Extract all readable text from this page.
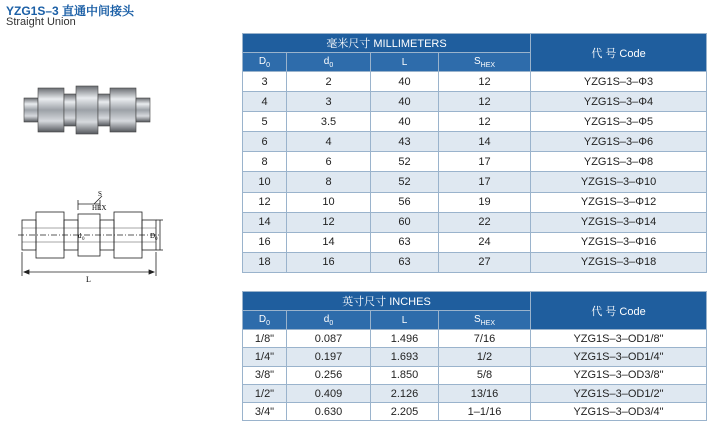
YZG1S–3 直通中间接头
Straight Union
S
HEX
L
d 0	D 0
毫米尺寸 MILLIMETERS				代 号 Code
$D_0$	$d_0$	L	$S_{HEX}$
3	2	40	12	YZG1S–3–Φ3
4	3	40	12	YZG1S–3–Φ4
5	3.5	40	12	YZG1S–3–Φ5
6	4	43	14	YZG1S–3–Φ6
8	6	52	17	YZG1S–3–Φ8
10	8	52	17	YZG1S–3–Φ10
12	10	56	19	YZG1S–3–Φ12
14	12	60	22	YZG1S–3–Φ14
16	14	63	24	YZG1S–3–Φ16
18	16	63	27	YZG1S–3–Φ18
英寸尺寸 INCHES				代 号 Code
$D_0$	$d_0$	L	$S_{HEX}$
1/8"	0.087	1.496	7/16	YZG1S–3–OD1/8"
1/4"	0.197	1.693	1/2	YZG1S–3–OD1/4"
3/8"	0.256	1.850	5/8	YZG1S–3–OD3/8"
1/2"	0.409	2.126	13/16	YZG1S–3–OD1/2"
3/4"	0.630	2.205	1–1/16	YZG1S–3–OD3/4"
